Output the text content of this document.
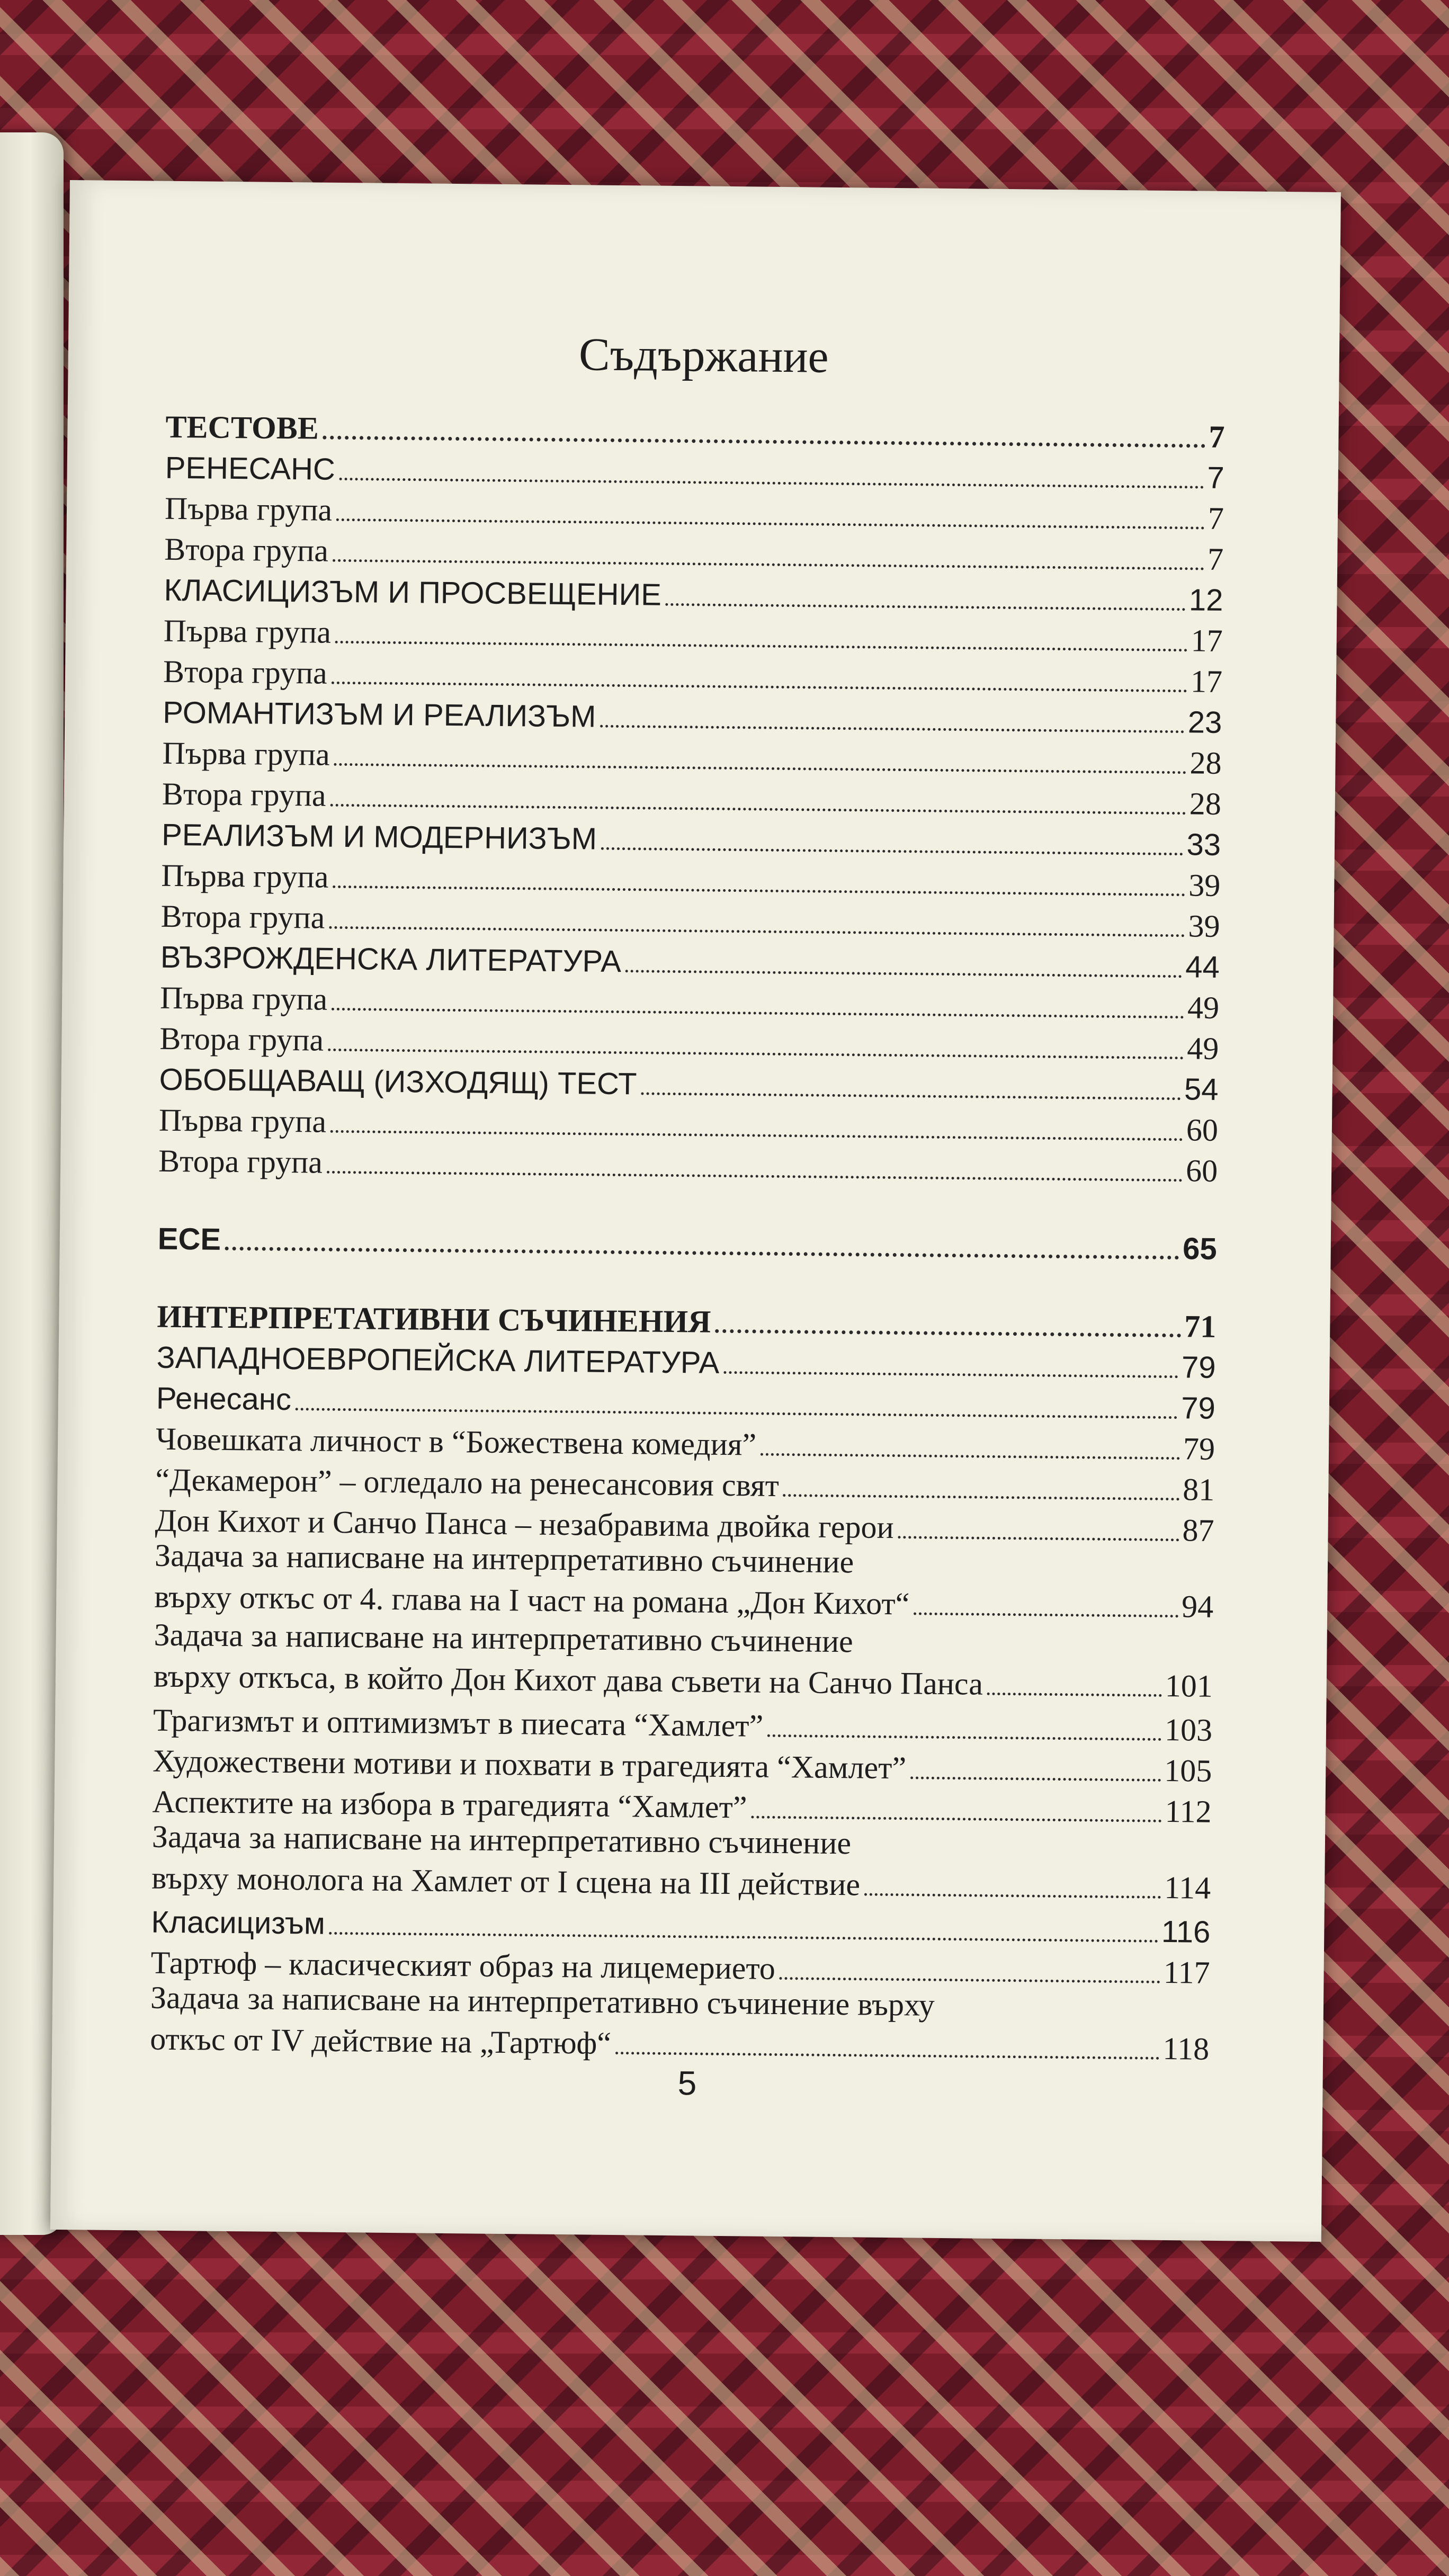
Съдържание
ТЕСТОВЕ	7
РЕНЕСАНС	7
Първа група	7
Втора група	7
КЛАСИЦИЗЪМ И ПРОСВЕЩЕНИЕ	12
Първа група	17
Втора група	17
РОМАНТИЗЪМ И РЕАЛИЗЪМ	23
Първа група	28
Втора група	28
РЕАЛИЗЪМ И МОДЕРНИЗЪМ	33
Първа група	39
Втора група	39
ВЪЗРОЖДЕНСКА ЛИТЕРАТУРА	44
Първа група	49
Втора група	49
ОБОБЩАВАЩ (ИЗХОДЯЩ) ТЕСТ	54
Първа група	60
Втора група	60
ЕСЕ	65
ИНТЕРПРЕТАТИВНИ СЪЧИНЕНИЯ	71
ЗАПАДНОЕВРОПЕЙСКА ЛИТЕРАТУРА	79
Ренесанс	79
Човешката личност в “Божествена комедия”	79
“Декамерон” – огледало на ренесансовия свят	81
Дон Кихот и Санчо Панса – незабравима двойка герои	87
Задача за написване на интерпретативно съчинение
върху откъс от 4. глава на I част на романа „Дон Кихот“	94
Задача за написване на интерпретативно съчинение
върху откъса, в който Дон Кихот дава съвети на Санчо Панса	101
Трагизмът и оптимизмът в пиесата “Хамлет”	103
Художествени мотиви и похвати в трагедията “Хамлет”	105
Аспектите на избора в трагедията “Хамлет”	112
Задача за написване на интерпретативно съчинение
върху монолога на Хамлет от I сцена на III действие	114
Класицизъм	116
Тартюф – класическият образ на лицемерието	117
Задача за написване на интерпретативно съчинение върху
откъс от IV действие на „Тартюф“	118
5
